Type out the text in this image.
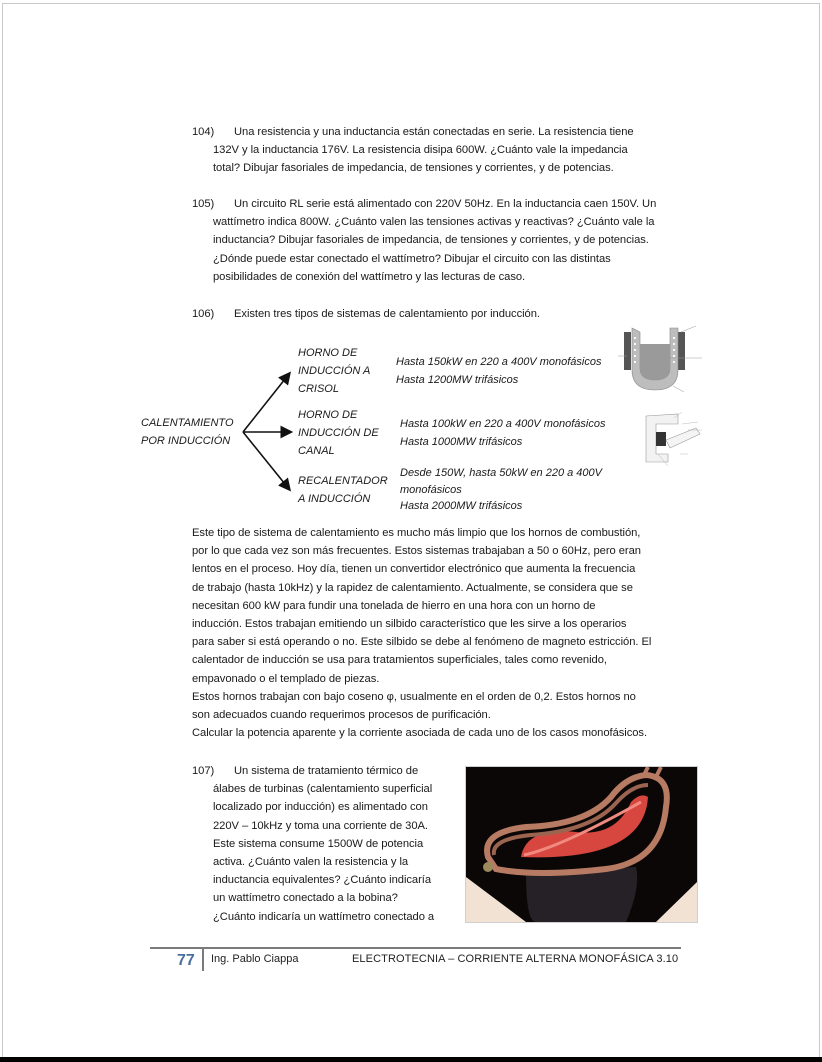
104) Una resistencia y una inductancia están conectadas en serie. La resistencia tiene
132V y la inductancia 176V. La resistencia disipa 600W. ¿Cuánto vale la impedancia
total? Dibujar fasoriales de impedancia, de tensiones y corrientes, y de potencias.
105) Un circuito RL serie está alimentado con 220V 50Hz. En la inductancia caen 150V. Un
wattímetro indica 800W. ¿Cuánto valen las tensiones activas y reactivas? ¿Cuánto vale la
inductancia? Dibujar fasoriales de impedancia, de tensiones y corrientes, y de potencias.
¿Dónde puede estar conectado el wattímetro? Dibujar el circuito con las distintas
posibilidades de conexión del wattímetro y las lecturas de caso.
106) Existen tres tipos de sistemas de calentamiento por inducción.
CALENTAMIENTO
POR INDUCCIÓN
HORNO DE
INDUCCIÓN A
CRISOL
Hasta 150kW en 220 a 400V monofásicos
Hasta 1200MW trifásicos
HORNO DE
INDUCCIÓN DE
CANAL
Hasta 100kW en 220 a 400V monofásicos
Hasta 1000MW trifásicos
RECALENTADOR
A INDUCCIÓN
Desde 150W, hasta 50kW en 220 a 400V
monofásicos
Hasta 2000MW trifásicos
Este tipo de sistema de calentamiento es mucho más limpio que los hornos de combustión,
por lo que cada vez son más frecuentes. Estos sistemas trabajaban a 50 o 60Hz, pero eran
lentos en el proceso. Hoy día, tienen un convertidor electrónico que aumenta la frecuencia
de trabajo (hasta 10kHz) y la rapidez de calentamiento. Actualmente, se considera que se
necesitan 600 kW para fundir una tonelada de hierro en una hora con un horno de
inducción. Estos trabajan emitiendo un silbido característico que les sirve a los operarios
para saber si está operando o no. Este silbido se debe al fenómeno de magneto estricción. El
calentador de inducción se usa para tratamientos superficiales, tales como revenido,
empavonado o el templado de piezas.
Estos hornos trabajan con bajo coseno φ, usualmente en el orden de 0,2. Estos hornos no
son adecuados cuando requerimos procesos de purificación.
Calcular la potencia aparente y la corriente asociada de cada uno de los casos monofásicos.
107) Un sistema de tratamiento térmico de
álabes de turbinas (calentamiento superficial
localizado por inducción) es alimentado con
220V – 10kHz y toma una corriente de 30A.
Este sistema consume 1500W de potencia
activa. ¿Cuánto valen la resistencia y la
inductancia equivalentes? ¿Cuánto indicaría
un wattímetro conectado a la bobina?
¿Cuánto indicaría un wattímetro conectado a
77 Ing. Pablo Ciappa	ELECTROTECNIA – CORRIENTE ALTERNA MONOFÁSICA 3.10
